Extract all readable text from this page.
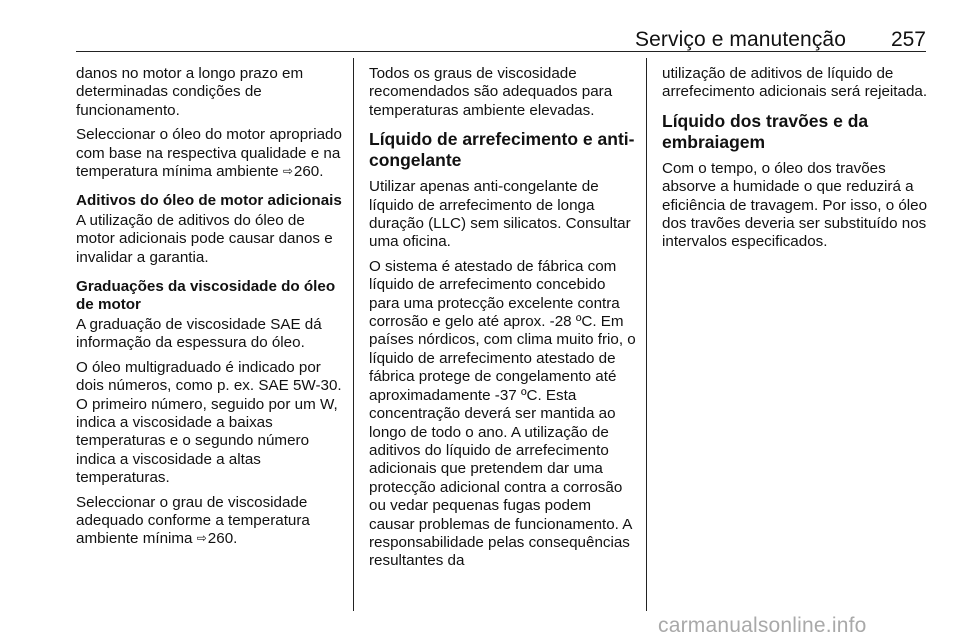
Serviço e manutenção	257

danos no motor a longo prazo em determinadas condições de funcionamento.

Seleccionar o óleo do motor apropriado com base na respectiva qualidade e na temperatura mínima ambiente ⇨260.

Aditivos do óleo de motor adicionais

A utilização de aditivos do óleo de motor adicionais pode causar danos e invalidar a garantia.

Graduações da viscosidade do óleo de motor

A graduação de viscosidade SAE dá informação da espessura do óleo.

O óleo multigraduado é indicado por dois números, como p. ex. SAE 5W-30. O primeiro número, seguido por um W, indica a viscosidade a baixas temperaturas e o segundo número indica a viscosidade a altas temperaturas.

Seleccionar o grau de viscosidade adequado conforme a temperatura ambiente mínima ⇨260.

Todos os graus de viscosidade recomendados são adequados para temperaturas ambiente elevadas.

Líquido de arrefecimento e anti-congelante

Utilizar apenas anti-congelante de líquido de arrefecimento de longa duração (LLC) sem silicatos. Consultar uma oficina.

O sistema é atestado de fábrica com líquido de arrefecimento concebido para uma protecção excelente contra corrosão e gelo até aprox. -28 ºC. Em países nórdicos, com clima muito frio, o líquido de arrefecimento atestado de fábrica protege de congelamento até aproximadamente -37 ºC. Esta concentração deverá ser mantida ao longo de todo o ano. A utilização de aditivos do líquido de arrefecimento adicionais que pretendem dar uma protecção adicional contra a corrosão ou vedar pequenas fugas podem causar problemas de funcionamento. A responsabilidade pelas consequências resultantes da

utilização de aditivos de líquido de arrefecimento adicionais será rejeitada.

Líquido dos travões e da embraiagem

Com o tempo, o óleo dos travões absorve a humidade o que reduzirá a eficiência de travagem. Por isso, o óleo dos travões deveria ser substituído nos intervalos especificados.

carmanualsonline.info
